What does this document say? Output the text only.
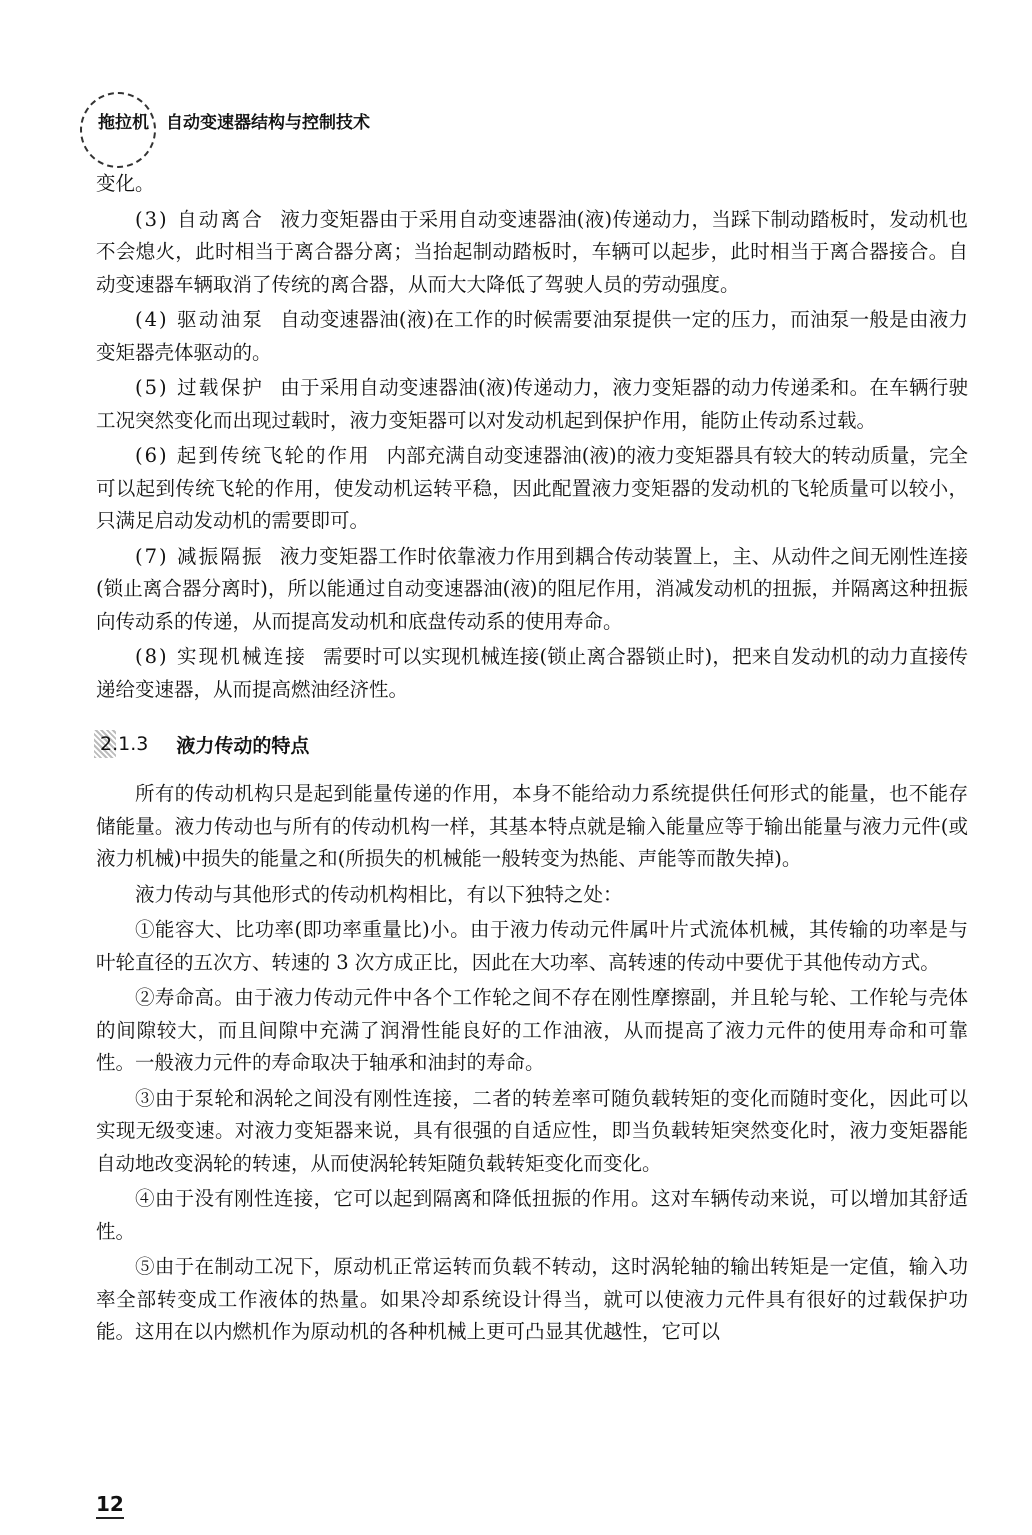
拖拉机 自动变速器结构与控制技术

变化。

(3) 自动离合 液力变矩器由于采用自动变速器油(液)传递动力，当踩下制动踏板时，发动机也不会熄火，此时相当于离合器分离；当抬起制动踏板时，车辆可以起步，此时相当于离合器接合。自动变速器车辆取消了传统的离合器，从而大大降低了驾驶人员的劳动强度。

(4) 驱动油泵 自动变速器油(液)在工作的时候需要油泵提供一定的压力，而油泵一般是由液力变矩器壳体驱动的。

(5) 过载保护 由于采用自动变速器油(液)传递动力，液力变矩器的动力传递柔和。在车辆行驶工况突然变化而出现过载时，液力变矩器可以对发动机起到保护作用，能防止传动系过载。

(6) 起到传统飞轮的作用 内部充满自动变速器油(液)的液力变矩器具有较大的转动质量，完全可以起到传统飞轮的作用，使发动机运转平稳，因此配置液力变矩器的发动机的飞轮质量可以较小，只满足启动发动机的需要即可。

(7) 减振隔振 液力变矩器工作时依靠液力作用到耦合传动装置上，主、从动件之间无刚性连接(锁止离合器分离时)，所以能通过自动变速器油(液)的阻尼作用，消减发动机的扭振，并隔离这种扭振向传动系的传递，从而提高发动机和底盘传动系的使用寿命。

(8) 实现机械连接 需要时可以实现机械连接(锁止离合器锁止时)，把来自发动机的动力直接传递给变速器，从而提高燃油经济性。

2.1.3 液力传动的特点

所有的传动机构只是起到能量传递的作用，本身不能给动力系统提供任何形式的能量，也不能存储能量。液力传动也与所有的传动机构一样，其基本特点就是输入能量应等于输出能量与液力元件(或液力机械)中损失的能量之和(所损失的机械能一般转变为热能、声能等而散失掉)。

液力传动与其他形式的传动机构相比，有以下独特之处：

①能容大、比功率(即功率重量比)小。由于液力传动元件属叶片式流体机械，其传输的功率是与叶轮直径的五次方、转速的 3 次方成正比，因此在大功率、高转速的传动中要优于其他传动方式。

②寿命高。由于液力传动元件中各个工作轮之间不存在刚性摩擦副，并且轮与轮、工作轮与壳体的间隙较大，而且间隙中充满了润滑性能良好的工作油液，从而提高了液力元件的使用寿命和可靠性。一般液力元件的寿命取决于轴承和油封的寿命。

③由于泵轮和涡轮之间没有刚性连接，二者的转差率可随负载转矩的变化而随时变化，因此可以实现无级变速。对液力变矩器来说，具有很强的自适应性，即当负载转矩突然变化时，液力变矩器能自动地改变涡轮的转速，从而使涡轮转矩随负载转矩变化而变化。

④由于没有刚性连接，它可以起到隔离和降低扭振的作用。这对车辆传动来说，可以增加其舒适性。

⑤由于在制动工况下，原动机正常运转而负载不转动，这时涡轮轴的输出转矩是一定值，输入功率全部转变成工作液体的热量。如果冷却系统设计得当，就可以使液力元件具有很好的过载保护功能。这用在以内燃机作为原动机的各种机械上更可凸显其优越性，它可以

12
